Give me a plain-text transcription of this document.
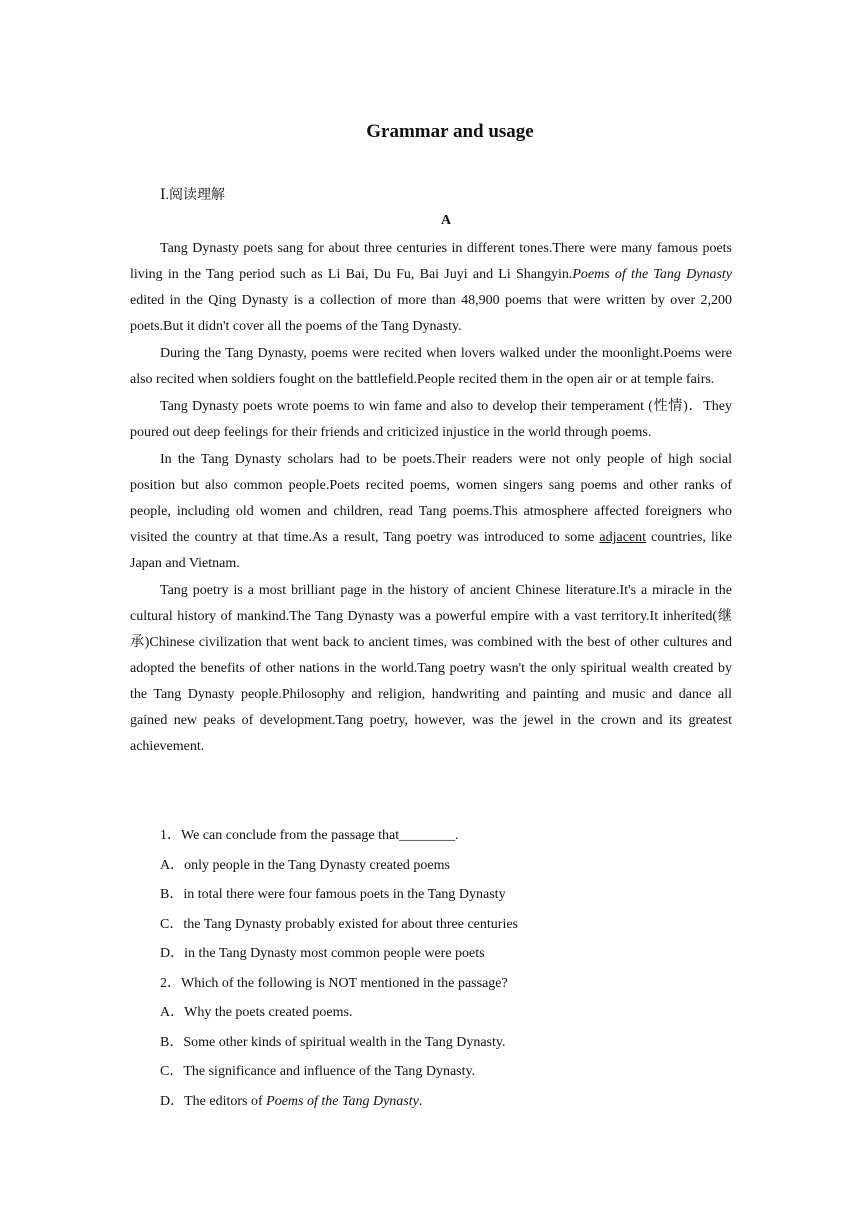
Grammar and usage

Ⅰ.阅读理解

A

Tang Dynasty poets sang for about three centuries in different tones.There were many famous poets living in the Tang period such as Li Bai, Du Fu, Bai Juyi and Li Shangyin.Poems of the Tang Dynasty edited in the Qing Dynasty is a collection of more than 48,900 poems that were written by over 2,200 poets.But it didn't cover all the poems of the Tang Dynasty.

During the Tang Dynasty, poems were recited when lovers walked under the moonlight.Poems were also recited when soldiers fought on the battlefield.People recited them in the open air or at temple fairs.

Tang Dynasty poets wrote poems to win fame and also to develop their temperament (性情)．They poured out deep feelings for their friends and criticized injustice in the world through poems.

In the Tang Dynasty scholars had to be poets.Their readers were not only people of high social position but also common people.Poets recited poems, women singers sang poems and other ranks of people, including old women and children, read Tang poems.This atmosphere affected foreigners who visited the country at that time.As a result, Tang poetry was introduced to some adjacent countries, like Japan and Vietnam.

Tang poetry is a most brilliant page in the history of ancient Chinese literature.It's a miracle in the cultural history of mankind.The Tang Dynasty was a powerful empire with a vast territory.It inherited(继承)Chinese civilization that went back to ancient times, was combined with the best of other cultures and adopted the benefits of other nations in the world.Tang poetry wasn't the only spiritual wealth created by the Tang Dynasty people.Philosophy and religion, handwriting and painting and music and dance all gained new peaks of development.Tang poetry, however, was the jewel in the crown and its greatest achievement.

1．We can conclude from the passage that________.

A．only people in the Tang Dynasty created poems

B．in total there were four famous poets in the Tang Dynasty

C．the Tang Dynasty probably existed for about three centuries

D．in the Tang Dynasty most common people were poets

2．Which of the following is NOT mentioned in the passage?

A．Why the poets created poems.

B．Some other kinds of spiritual wealth in the Tang Dynasty.

C．The significance and influence of the Tang Dynasty.

D．The editors of Poems of the Tang Dynasty.
